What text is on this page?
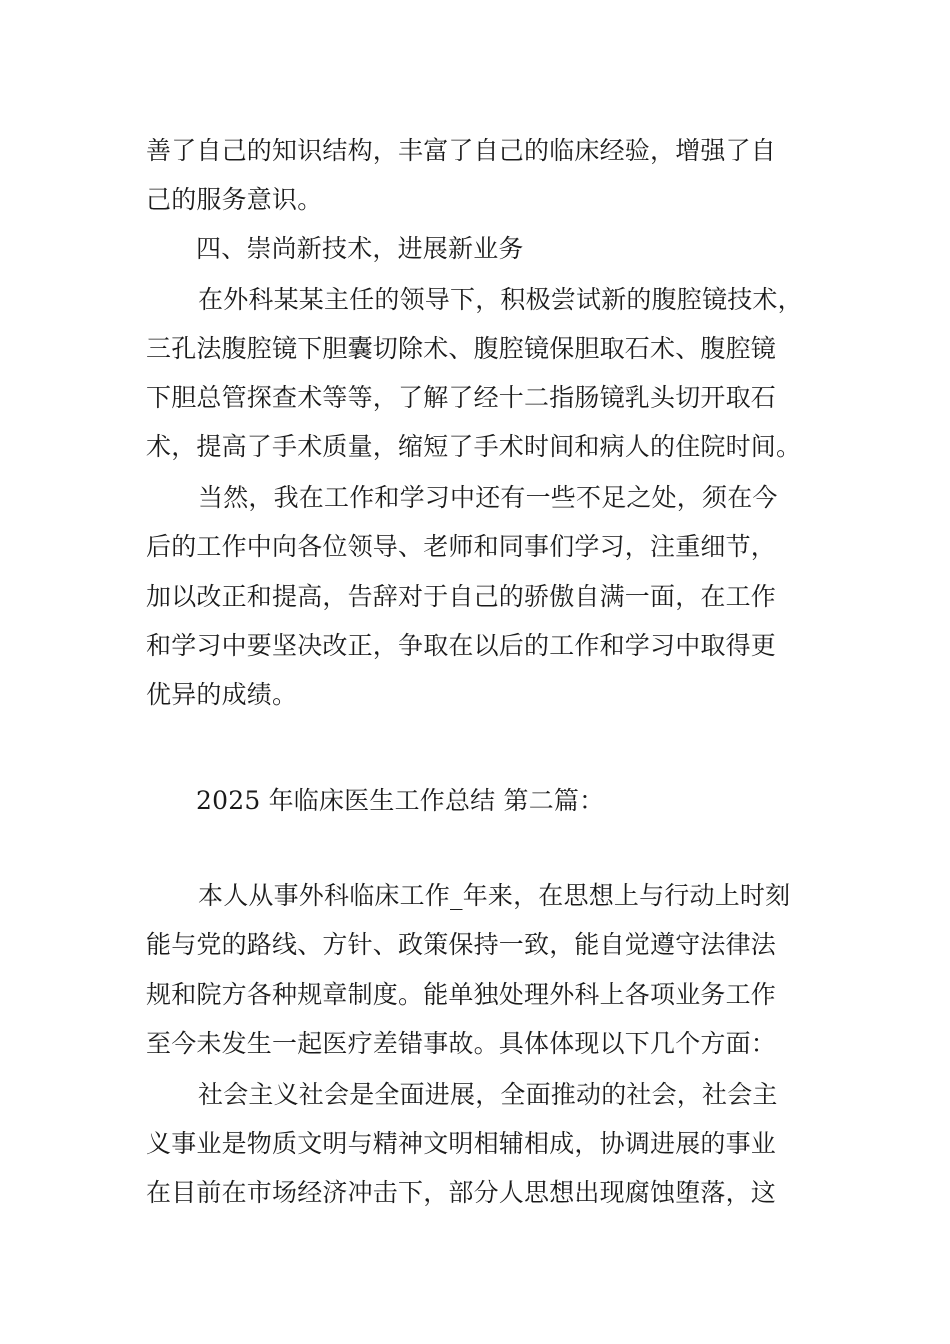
善了自己的知识结构，丰富了自己的临床经验，增强了自
己的服务意识。
四、崇尚新技术，进展新业务
在外科某某主任的领导下，积极尝试新的腹腔镜技术，
三孔法腹腔镜下胆囊切除术、腹腔镜保胆取石术、腹腔镜
下胆总管探查术等等，了解了经十二指肠镜乳头切开取石
术，提高了手术质量，缩短了手术时间和病人的住院时间。
当然，我在工作和学习中还有一些不足之处，须在今
后的工作中向各位领导、老师和同事们学习，注重细节，
加以改正和提高，告辞对于自己的骄傲自满一面，在工作
和学习中要坚决改正，争取在以后的工作和学习中取得更
优异的成绩。
2025 年临床医生工作总结 第二篇：
本人从事外科临床工作_年来，在思想上与行动上时刻
能与党的路线、方针、政策保持一致，能自觉遵守法律法
规和院方各种规章制度。能单独处理外科上各项业务工作
至今未发生一起医疗差错事故。具体体现以下几个方面：
社会主义社会是全面进展，全面推动的社会，社会主
义事业是物质文明与精神文明相辅相成，协调进展的事业
在目前在市场经济冲击下，部分人思想出现腐蚀堕落，这
